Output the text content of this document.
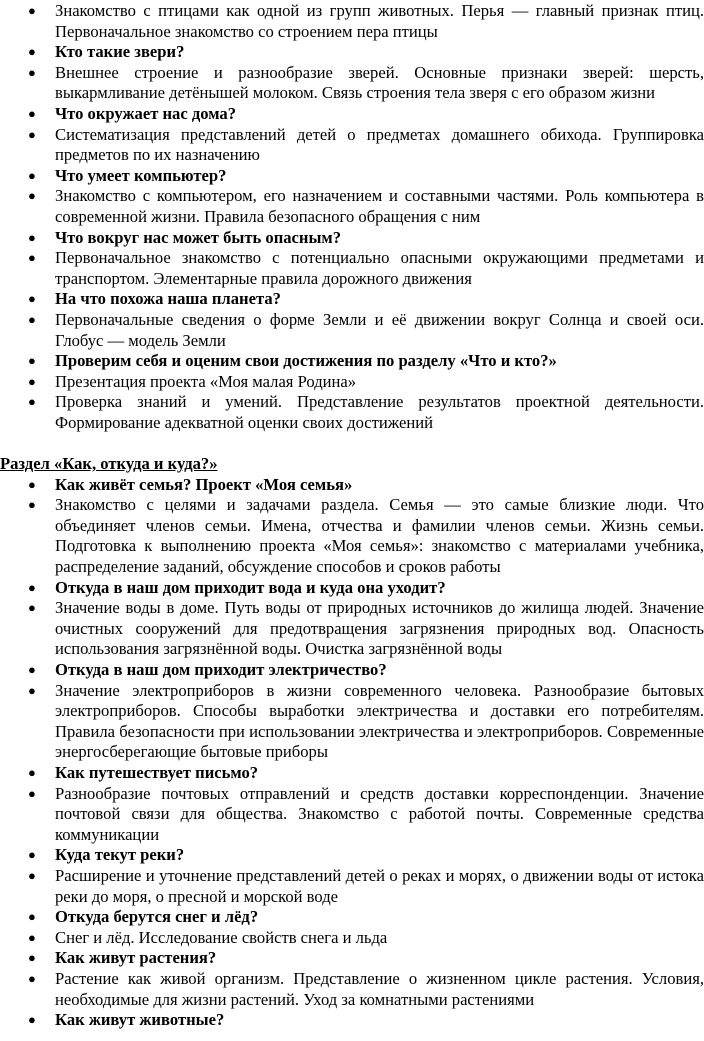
● Знакомство с птицами как одной из групп животных. Перья — главный признак птиц. Первоначальное знакомство со строением пера птицы
● Кто такие звери?
● Внешнее строение и разнообразие зверей. Основные признаки зверей: шерсть, выкармливание детёнышей молоком. Связь строения тела зверя с его образом жизни
● Что окружает нас дома?
● Систематизация представлений детей о предметах домашнего обихода. Группировка предметов по их назначению
● Что умеет компьютер?
● Знакомство с компьютером, его назначением и составными частями. Роль компьютера в современной жизни. Правила безопасного обращения с ним
● Что вокруг нас может быть опасным?
● Первоначальное знакомство с потенциально опасными окружающими предметами и транспортом. Элементарные правила дорожного движения
● На что похожа наша планета?
● Первоначальные сведения о форме Земли и её движении вокруг Солнца и своей оси. Глобус — модель Земли
● Проверим себя и оценим свои достижения по разделу «Что и кто?»
● Презентация проекта «Моя малая Родина»
● Проверка знаний и умений. Представление результатов проектной деятельности. Формирование адекватной оценки своих достижений
Раздел «Как, откуда и куда?»
● Как живёт семья? Проект «Моя семья»
● Знакомство с целями и задачами раздела. Семья — это самые близкие люди. Что объединяет членов семьи. Имена, отчества и фамилии членов семьи. Жизнь семьи. Подготовка к выполнению проекта «Моя семья»: знакомство с материалами учебника, распределение заданий, обсуждение способов и сроков работы
● Откуда в наш дом приходит вода и куда она уходит?
● Значение воды в доме. Путь воды от природных источников до жилища людей. Значение очистных сооружений для предотвращения загрязнения природных вод. Опасность использования загрязнённой воды. Очистка загрязнённой воды
● Откуда в наш дом приходит электричество?
● Значение электроприборов в жизни современного человека. Разнообразие бытовых электроприборов. Способы выработки электричества и доставки его потребителям. Правила безопасности при использовании электричества и электроприборов. Современные энергосберегающие бытовые приборы
● Как путешествует письмо?
● Разнообразие почтовых отправлений и средств доставки корреспонденции. Значение почтовой связи для общества. Знакомство с работой почты. Современные средства коммуникации
● Куда текут реки?
● Расширение и уточнение представлений детей о реках и морях, о движении воды от истока реки до моря, о пресной и морской воде
● Откуда берутся снег и лёд?
● Снег и лёд. Исследование свойств снега и льда
● Как живут растения?
● Растение как живой организм. Представление о жизненном цикле растения. Условия, необходимые для жизни растений. Уход за комнатными растениями
● Как живут животные?
